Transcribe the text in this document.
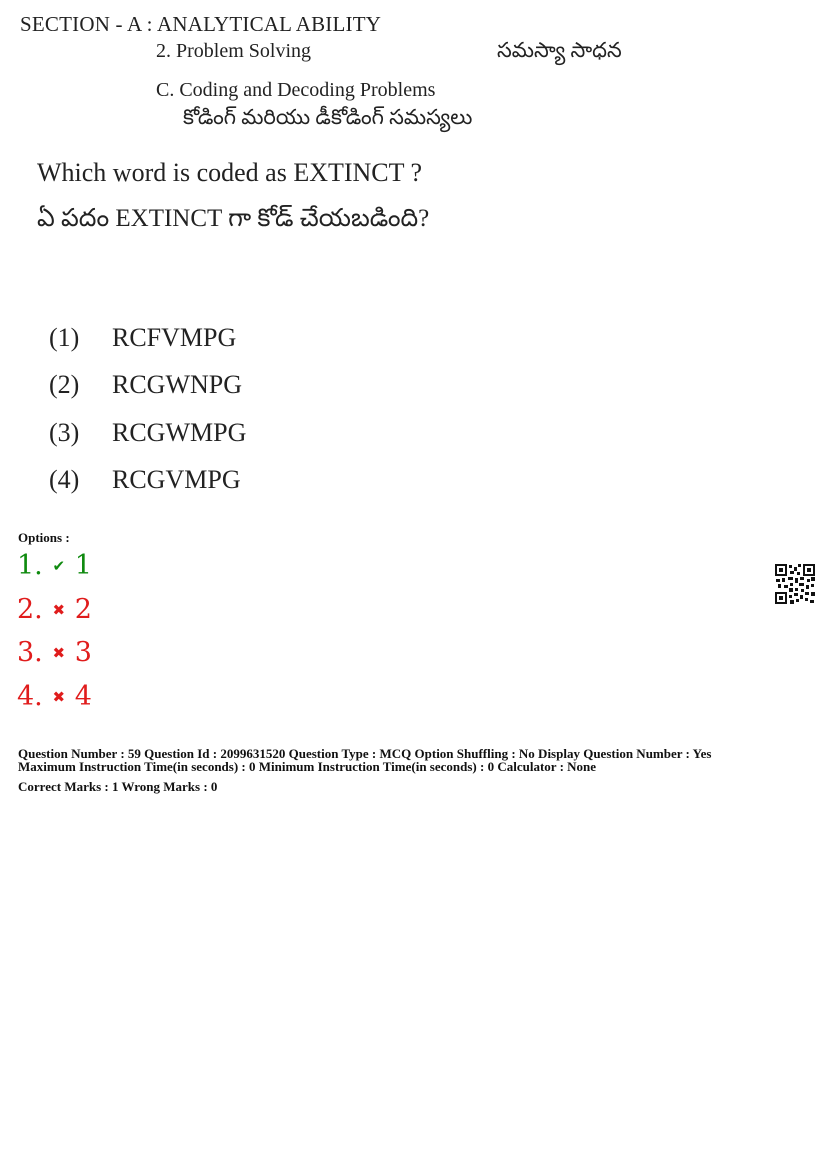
SECTION - A : ANALYTICAL ABILITY
2. Problem Solving	సమస్యా సాధన
C. Coding and Decoding Problems
కోడింగ్ మరియు డీకోడింగ్ సమస్యలు
Which word is coded as EXTINCT ?
ఏ పదం EXTINCT గా కోడ్ చేయబడింది?
(1) RCFVMPG
(2) RCGWNPG
(3) RCGWMPG
(4) RCGVMPG
Options :
1. ✔ 1
2. ✖ 2
3. ✖ 3
4. ✖ 4
Question Number : 59 Question Id : 2099631520 Question Type : MCQ Option Shuffling : No Display Question Number : Yes
Maximum Instruction Time(in seconds) : 0 Minimum Instruction Time(in seconds) : 0 Calculator : None
Correct Marks : 1 Wrong Marks : 0
